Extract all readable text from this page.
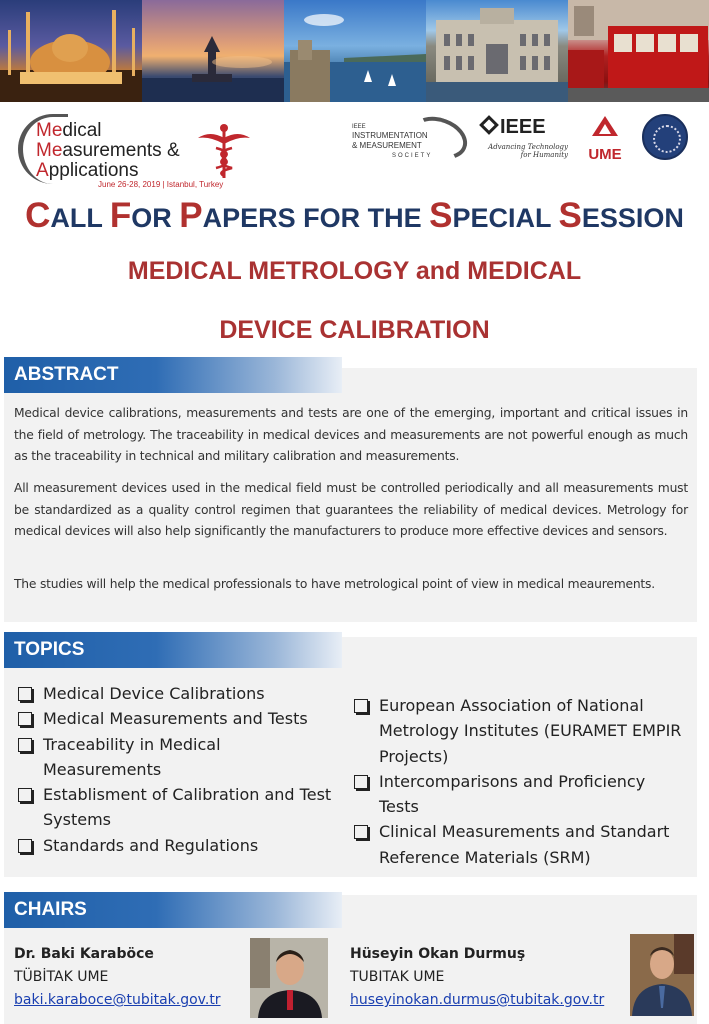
Medical
Measurements &
Applications
June 26-28, 2019 | Istanbul, Turkey
IEEE
INSTRUMENTATION
& MEASUREMENT
SOCIETY
IEEE
Advancing Technology
for Humanity	UME
CALL FOR PAPERS FOR THE SPECIAL SESSION
MEDICAL METROLOGY and MEDICAL
DEVICE CALIBRATION
ABSTRACT

Medical device calibrations, measurements and tests are one of the emerging, important and critical issues in the field of metrology. The traceability in medical devices and measurements are not powerful enough as much as the traceability in technical and military calibration and measurements.

All measurement devices used in the medical field must be controlled periodically and all measurements must be standardized as a quality control regimen that guarantees the reliability of medical devices. Metrology for medical devices will also help significantly the manufacturers to produce more effective devices and sensors.

The studies will help the medical professionals to have metrological point of view in medical meaurements.

TOPICS
Medical Device Calibrations
Medical Measurements and Tests
Traceability in Medical Measurements
Establisment of Calibration and Test Systems
Standards and Regulations
European Association of National Metrology Institutes (EURAMET EMPIR Projects)
Intercomparisons and Proficiency Tests
Clinical Measurements and Standart Reference Materials (SRM)
CHAIRS
Dr. Baki Karaböce
TÜBİTAK UME
baki.karaboce@tubitak.gov.tr
Hüseyin Okan Durmuş
TUBITAK UME
huseyinokan.durmus@tubitak.gov.tr
